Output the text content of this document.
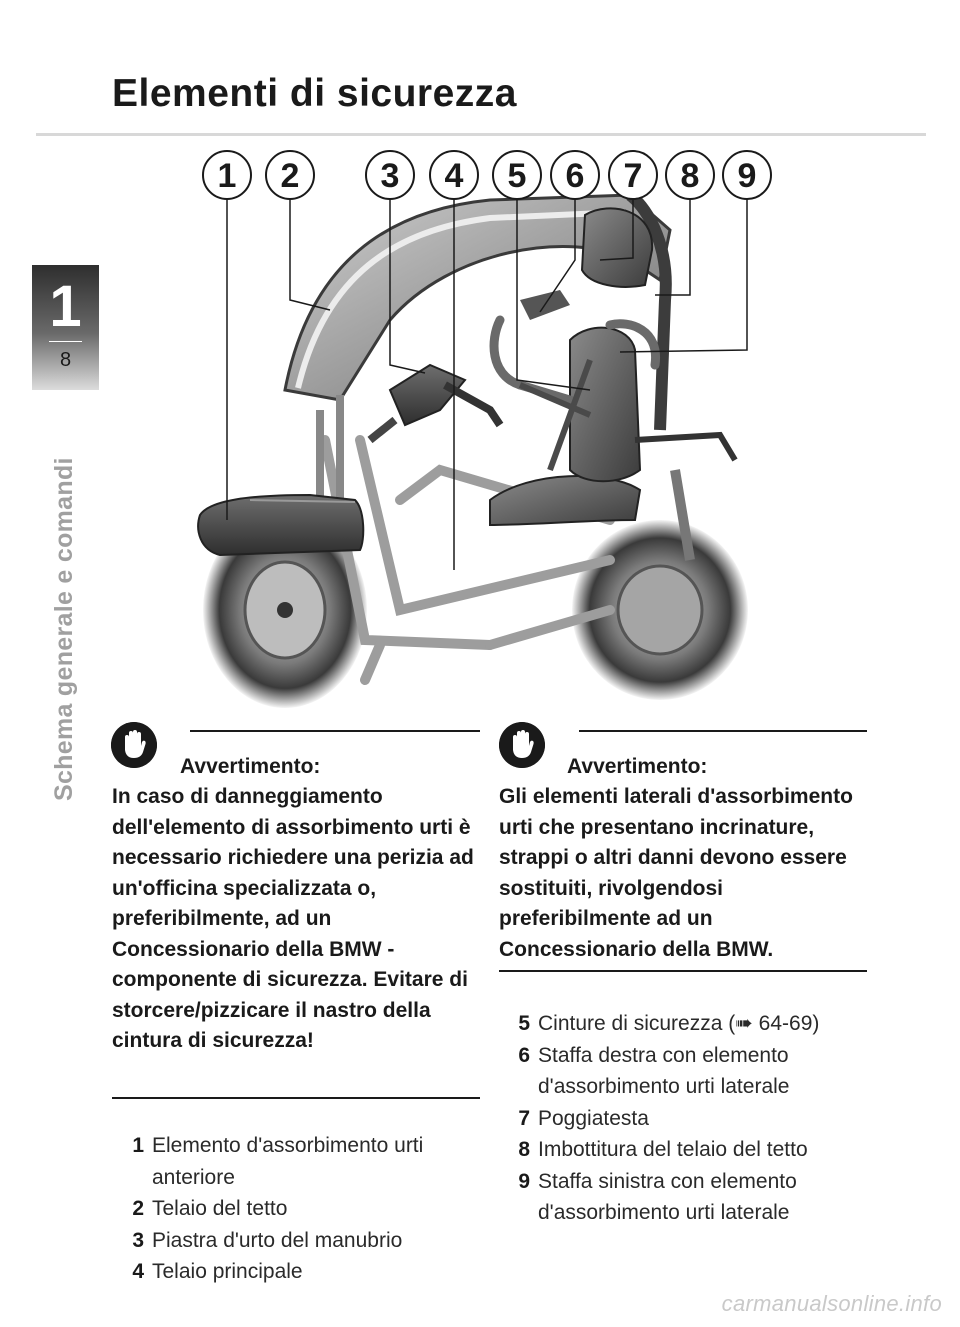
Elementi di sicurezza
1
8
Schema generale e comandi
1 2 3 4 5 6 7 8 9
Avvertimento:
In caso di danneggiamento dell'elemento di assorbimento urti è necessario richiedere una perizia ad un'officina specializzata o, preferibilmente, ad un Concessionario della BMW - componente di sicurezza. Evitare di storcere/pizzicare il nastro della cintura di sicurezza!
Avvertimento:
Gli elementi laterali d'assorbimento urti che presentano incrinature, strappi o altri danni devono essere sostituiti, rivolgendosi preferibilmente ad un Concessionario della BMW.
1 Elemento d'assorbimento urti anteriore
2 Telaio del tetto
3 Piastra d'urto del manubrio
4 Telaio principale
5 Cinture di sicurezza (➠ 64-69)
6 Staffa destra con elemento d'assorbimento urti laterale
7 Poggiatesta
8 Imbottitura del telaio del tetto
9 Staffa sinistra con elemento d'assorbimento urti laterale
carmanualsonline.info
